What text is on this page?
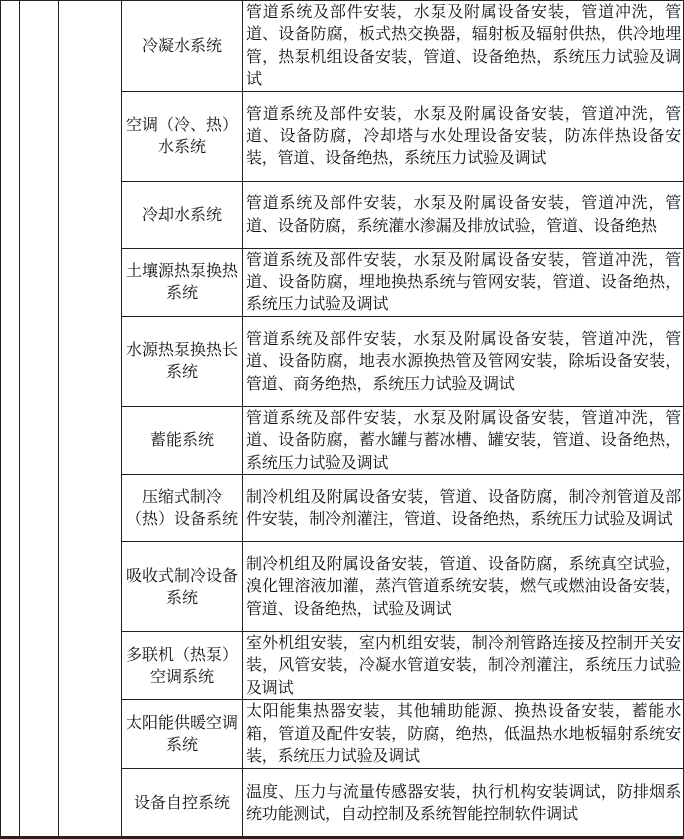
			冷凝水系统	管道系统及部件安装，水泵及附属设备安装，管道冲洗，管道、设备防腐，板式热交换器，辐射板及辐射供热，供冷地埋管，热泵机组设备安装，管道、设备绝热，系统压力试验及调试
			空调（冷、热）水系统	管道系统及部件安装，水泵及附属设备安装，管道冲洗，管道、设备防腐，冷却塔与水处理设备安装，防冻伴热设备安装，管道、设备绝热，系统压力试验及调试
			冷却水系统	管道系统及部件安装，水泵及附属设备安装，管道冲洗，管道、设备防腐，系统灌水渗漏及排放试验，管道、设备绝热
			土壤源热泵换热系统	管道系统及部件安装，水泵及附属设备安装，管道冲洗，管道、设备防腐，埋地换热系统与管网安装，管道、设备绝热，系统压力试验及调试
			水源热泵换热长系统	管道系统及部件安装，水泵及附属设备安装，管道冲洗，管道、设备防腐，地表水源换热管及管网安装，除垢设备安装，管道、商务绝热，系统压力试验及调试
			蓄能系统	管道系统及部件安装，水泵及附属设备安装，管道冲洗，管道、设备防腐，蓄水罐与蓄冰槽、罐安装，管道、设备绝热，系统压力试验及调试
			压缩式制冷（热）设备系统	制冷机组及附属设备安装，管道、设备防腐，制冷剂管道及部件安装，制冷剂灌注，管道、设备绝热，系统压力试验及调试
			吸收式制冷设备系统	制冷机组及附属设备安装，管道、设备防腐，系统真空试验，溴化锂溶液加灌，蒸汽管道系统安装，燃气或燃油设备安装，管道、设备绝热，试验及调试
			多联机（热泵）空调系统	室外机组安装，室内机组安装，制冷剂管路连接及控制开关安装，风管安装，冷凝水管道安装，制冷剂灌注，系统压力试验及调试
			太阳能供暖空调系统	太阳能集热器安装，其他辅助能源、换热设备安装，蓄能水箱，管道及配件安装，防腐，绝热，低温热水地板辐射系统安装，系统压力试验及调试
			设备自控系统	温度、压力与流量传感器安装，执行机构安装调试，防排烟系统功能测试，自动控制及系统智能控制软件调试
